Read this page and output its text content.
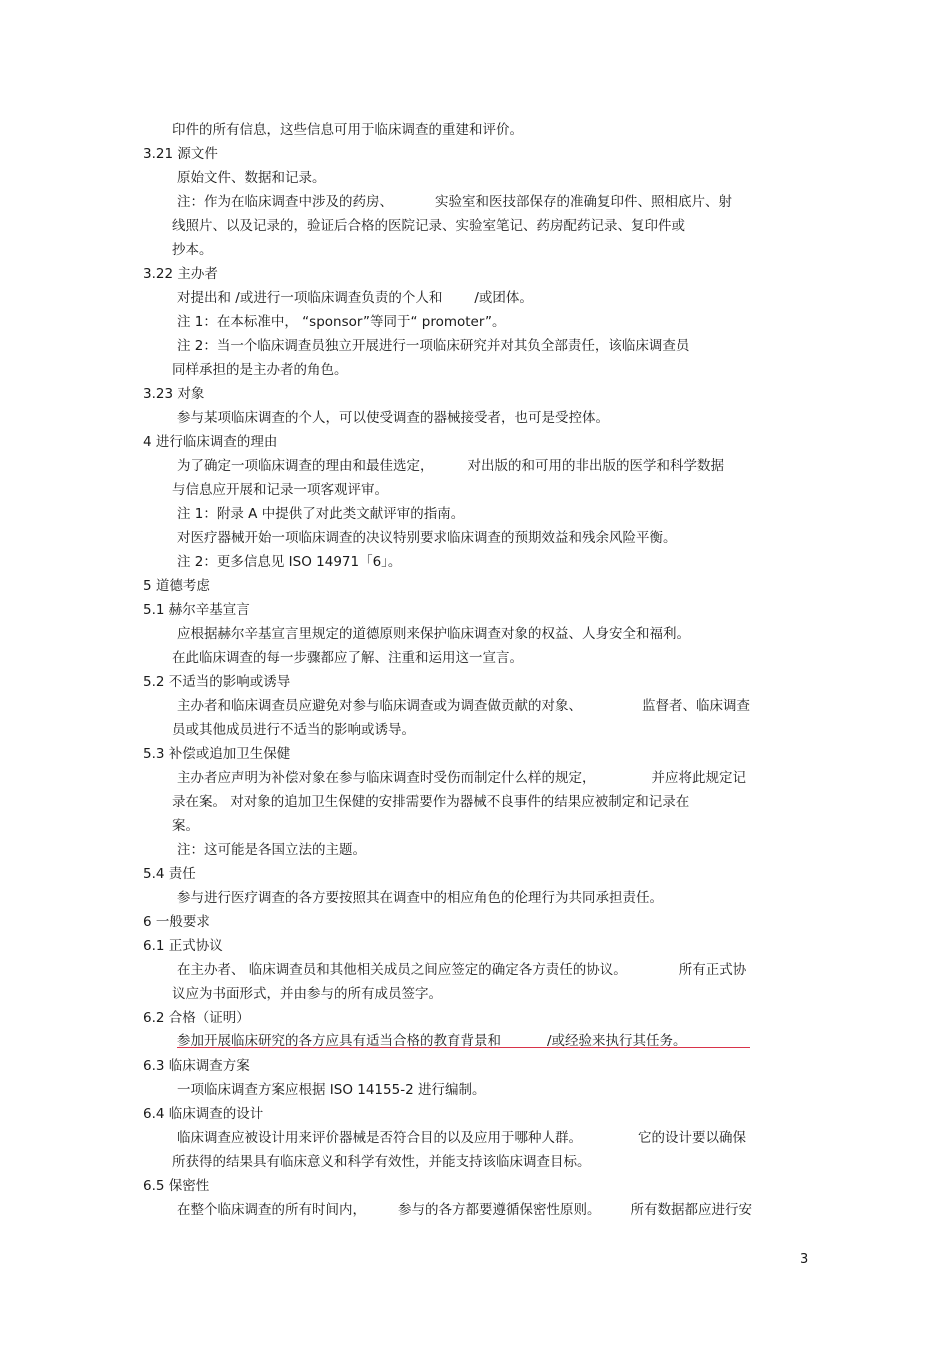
印件的所有信息，这些信息可用于临床调查的重建和评价。
3.21 源文件
原始文件、数据和记录。
注：作为在临床调查中涉及的药房、	实验室和医技部保存的准确复印件、照相底片、射
线照片、以及记录的，验证后合格的医院记录、实验室笔记、药房配药记录、复印件或
抄本。
3.22 主办者
对提出和 /或进行一项临床调查负责的个人和 /或团体。
注 1：在本标准中， “sponsor”等同于“ promoter”。
注 2：当一个临床调查员独立开展进行一项临床研究并对其负全部责任，该临床调查员
同样承担的是主办者的角色。
3.23 对象
参与某项临床调查的个人，可以使受调查的器械接受者，也可是受控体。
4 进行临床调查的理由
为了确定一项临床调查的理由和最佳选定，	对出版的和可用的非出版的医学和科学数据
与信息应开展和记录一项客观评审。
注 1：附录 A 中提供了对此类文献评审的指南。
对医疗器械开始一项临床调查的决议特别要求临床调查的预期效益和残余风险平衡。
注 2：更多信息见 ISO 14971「6」。
5 道德考虑
5.1 赫尔辛基宣言
应根据赫尔辛基宣言里规定的道德原则来保护临床调查对象的权益、人身安全和福利。
在此临床调查的每一步骤都应了解、注重和运用这一宣言。
5.2 不适当的影响或诱导
主办者和临床调查员应避免对参与临床调查或为调查做贡献的对象、	监督者、临床调查
员或其他成员进行不适当的影响或诱导。
5.3 补偿或追加卫生保健
主办者应声明为补偿对象在参与临床调查时受伤而制定什么样的规定，	并应将此规定记
录在案。 对对象的追加卫生保健的安排需要作为器械不良事件的结果应被制定和记录在
案。
注：这可能是各国立法的主题。
5.4 责任
参与进行医疗调查的各方要按照其在调查中的相应角色的伦理行为共同承担责任。
6 一般要求
6.1 正式协议
在主办者、 临床调查员和其他相关成员之间应签定的确定各方责任的协议。	所有正式协
议应为书面形式，并由参与的所有成员签字。
6.2 合格（证明）
参加开展临床研究的各方应具有适当合格的教育背景和	/或经验来执行其任务。
6.3 临床调查方案
一项临床调查方案应根据 ISO 14155-2 进行编制。
6.4 临床调查的设计
临床调查应被设计用来评价器械是否符合目的以及应用于哪种人群。	它的设计要以确保
所获得的结果具有临床意义和科学有效性，并能支持该临床调查目标。
6.5 保密性
在整个临床调查的所有时间内， 参与的各方都要遵循保密性原则。 所有数据都应进行安
3
